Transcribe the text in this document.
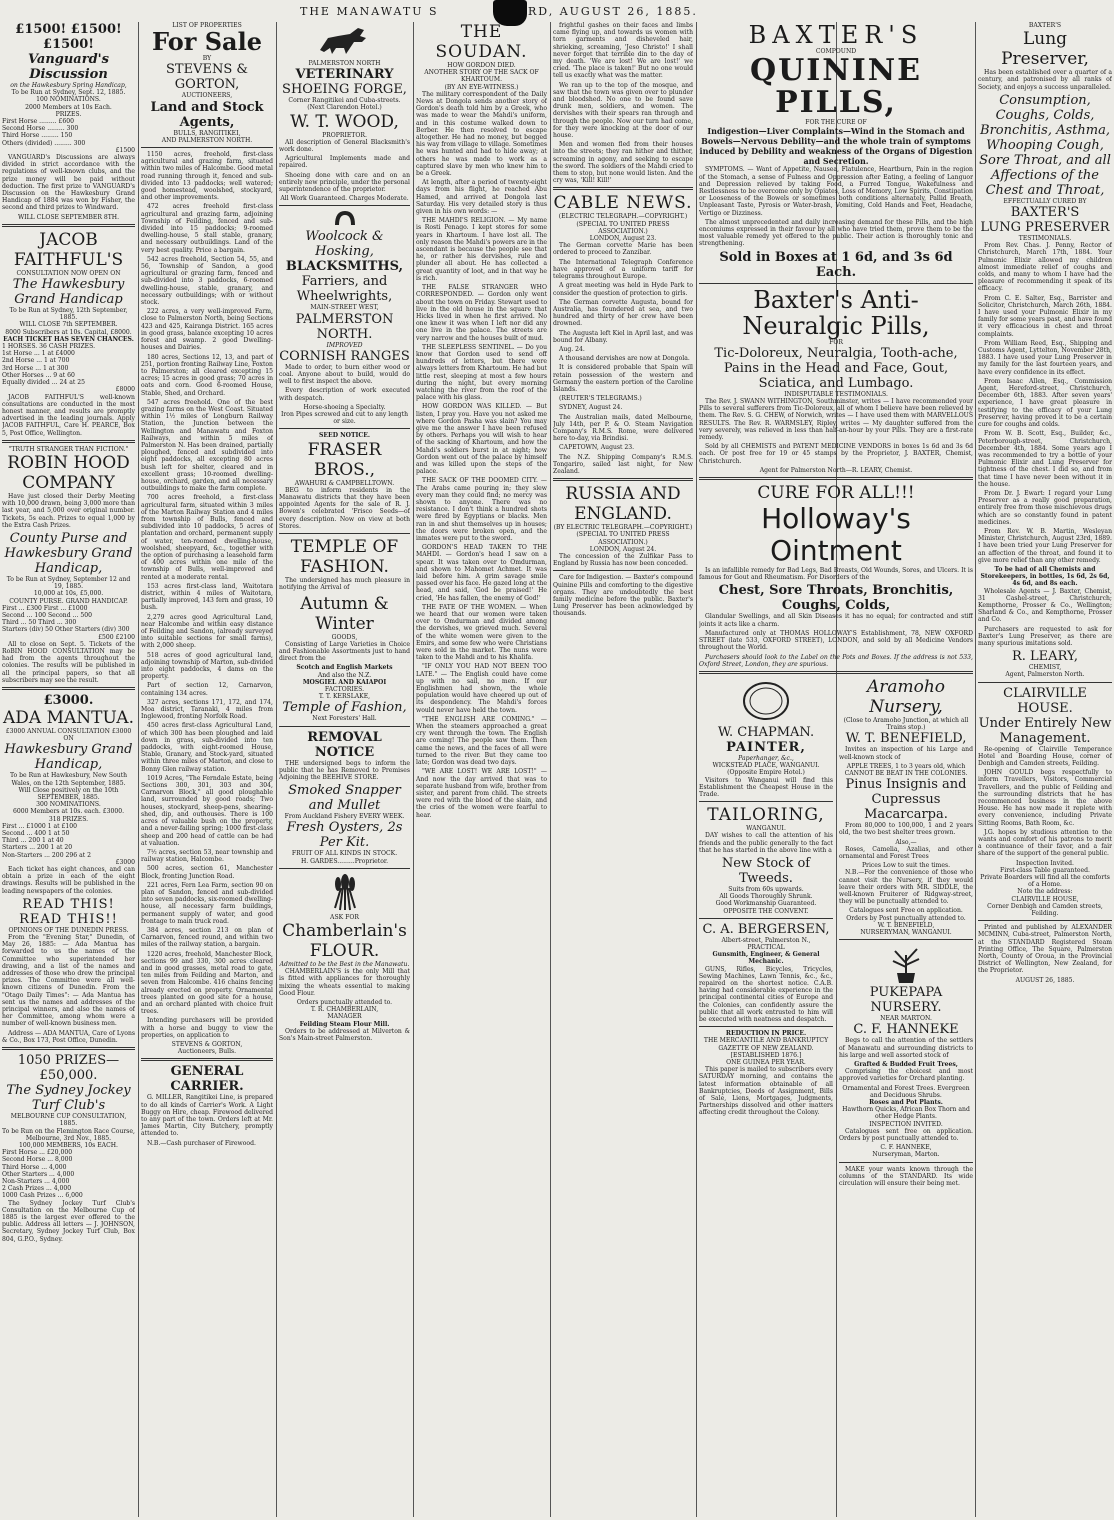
THE MANAWATU S	RD, AUGUST 26, 1885.
£1500! £1500! £1500!
Vanguard's Discussion
on the Hawkesbury Spring Handicap,
To be Run at Sydney, Sept. 12, 1885.
100 NOMINATIONS.
2000 Members at 10s Each.
PRIZES.
First Horse ......... £600
Second Horse ......... 300
Third Horse ......... 150
Others (divided) ......... 300
£1500

VANGUARD's Discussions are always divided in strict accordance with the regulations of well-known clubs, and the prize money will be paid without deduction. The first prize to VANGUARD's Discussion on the Hawkesbury Grand Handicap of 1884 was won by Fisher, the second and third prizes to Windward.

WILL CLOSE SEPTEMBER 8TH.
JACOB FAITHFUL'S
CONSULTATION NOW OPEN ON
The Hawkesbury Grand Handicap
To be Run at Sydney, 12th September, 1885.
WILL CLOSE 7th SEPTEMBER.
8000 Subscribers at 10s. Capital, £8000.
EACH TICKET HAS SEVEN CHANCES.
1 HORSES. 36 CASH PRIZES.
1st Horse ... 1 at £4000
2nd Horse ... 1 at 700
3rd Horse ... 1 at 300
Other Horses ... 9 at 60
Equally divided ... 24 at 25
£8000

JACOB FAITHFUL'S well-known consultations are conducted in the most honest manner, and results are promptly advertised in the leading journals. Apply JACOB FAITHFUL, Care H. PEARCE, Box 5, Post Office, Wellington.

"TRUTH STRANGER THAN FICTION."
ROBIN HOOD COMPANY

Have just closed their Derby Meeting with 10,000 drawn, being 3,000 more than last year, and 5,000 over original number. Tickets, 5s each. Prizes to equal 1,000 by the Extra Cash Prizes.

County Purse and Hawkesbury Grand Handicap,
To be Run at Sydney, September 12 and 19, 1885.
10,000 at 10s, £5,000.
COUNTY PURSE. GRAND HANDICAP.
First ... £300 First ... £1000
Second ... 100 Second ... 500
Third ... 50 Third ... 300
Starters (div) 50 Other Starters (div) 300
£500 £2100

All to close on Sept. 5. Tickets of the RoBIN HOOD CONSULTATION may be had from the agents throughout the colonies. The results will be published in all the principal papers, so that all subscribers may see the result.

£3000.
ADA MANTUA.
£3000 ANNUAL CONSULTATION £3000
ON
Hawkesbury Grand Handicap,
To be Run at Hawkesbury, New South Wales, on the 12th September, 1885.
Will Close positively on the 10th SEPTEMBER, 1885.
300 NOMINATIONS.
6000 Members at 10s. each. £3000.
318 PRIZES.
First ... £1000 1 at £100
Second ... 400 1 at 50
Third ... 200 1 at 40
Starters ... 200 1 at 20
Non-Starters ... 200 296 at 2
£3000

Each ticket has eight chances, and can obtain a prize in each of the eight drawings. Results will be published in the leading newspapers of the colonies.

READ THIS! READ THIS!!
OPINIONS OF THE DUNEDIN PRESS.

From the "Evening Star," Dunedin, of May 26, 1885: — Ada Mantua has forwarded to us the names of the Committee who superintended her drawing, and a list of the names and addresses of those who drew the principal prizes. The Committee were all well-known citizens of Dunedin. From the "Otago Daily Times": — Ada Mantua has sent us the names and addresses of the principal winners, and also the names of her Committee, among whom were a number of well-known business men.

Address — ADA MANTUA, Care of Lyons & Co., Box 173, Post Office, Dunedin.

1050 PRIZES—£50,000.
The Sydney Jockey Turf Club's
MELBOURNE CUP CONSULTATION, 1885.
To be Run on the Flemington Race Course, Melbourne, 3rd Nov., 1885.
100,000 MEMBERS, 10s EACH.
First Horse ... £20,000
Second Horse ... 8,000
Third Horse ... 4,000
Other Starters ... 4,000
Non-Starters ... 4,000
2 Cash Prizes ... 4,000
1000 Cash Prizes ... 6,000

The Sydney Jockey Turf Club's Consultation on the Melbourne Cup of 1885 is the largest ever offered to the public. Address all letters — J. JOHNSON, Secretary, Sydney Jockey Turf Club, Box 804, G.P.O., Sydney.

LIST OF PROPERTIES
For Sale
BY
STEVENS & GORTON,
AUCTIONEERS,
Land and Stock Agents,
BULLS, RANGITIKEI,
AND PALMERSTON NORTH.

1150 acres, freehold, first-class agricultural and grazing farm, situated within two miles of Halcombe. Good metal road running through it, fenced and sub-divided into 13 paddocks; well watered; good homestead, woolshed, stockyard, and other improvements.

472 acres freehold first-class agricultural and grazing farm, adjoining Township of Feilding, fenced and sub-divided into 15 paddocks; 9-roomed dwelling-house, 5 stall stable, granary, and necessary outbuildings. Land of the very best quality. Price a bargain.

542 acres freehold, Section 54, 55, and 56, Township of Sandon, a good agricultural or grazing farm, fenced and sub-divided into 3 paddocks, 6-roomed dwelling-house, stable, granary, and necessary outbuildings; with or without stock.

222 acres, a very well-improved Farm, close to Palmerston North, being Sections 423 and 425, Kairanga District. 165 acres in good grass, balance excepting 10 acres forest and swamp. 2 good Dwelling-houses and Dairies.

180 acres, Sections 12, 13, and part of 251, portion fronting Railway Line, Foxton to Palmerston; all cleared excepting 15 acres; 15 acres in good grass; 70 acres in oats and corn. Good 6-roomed House, Stable, Shed, and Orchard.

547 acres freehold. One of the best grazing farms on the West Coast. Situated within 1½ miles of Longburn Railway Station, the Junction between the Wellington and Manawatu and Foxton Railways, and within 5 miles of Palmerston N. Has been drained, partially ploughed, fenced and subdivided into eight paddocks, all excepting 80 acres bush left for shelter, cleared and in excellent grass; 10-roomed dwelling-house, orchard, garden, and all necessary outbuildings to make the farm complete.

700 acres freehold, a first-class agricultural farm, situated within 3 miles of the Marton Railway Station and 4 miles from township of Bulls, fenced and subdivided into 10 paddocks, 5 acres of plantation and orchard, permanent supply of water, ten-roomed dwelling-house, woolshed, sheepyard, &c., together with the option of purchasing a leasehold farm of 400 acres within one mile of the township of Bulls, well-improved and rented at a moderate rental.

153 acres first-class land, Waitotara district, within 4 miles of Waitotara, partially improved, 143 fern and grass, 10 bush.

2,279 acres good Agricultural Land, near Halcombe and within easy distance of Feilding and Sandon, (already surveyed into suitable sections for small farms), with 2,000 sheep.

518 acres of good agricultural land, adjoining township of Marton, sub-divided into eight paddocks, 4 dams on the property.

Part of section 12, Carnarvon, containing 134 acres.

327 acres, sections 171, 172, and 174, Moa district, Taranaki, 4 miles from Inglewood, fronting Norfolk Road.

450 acres first-class Agricultural Land, of which 300 has been ploughed and laid down in grass, sub-divided into ten paddocks, with eight-roomed House, Stable, Granary, and Stock-yard, situated within three miles of Marton, and close to Bonny Glen railway station.

1019 Acres, "The Ferndale Estate, being Sections 300, 301, 303 and 304, Carnarvon Block," all good ploughable land, surrounded by good roads; Two houses, stockyard, sheep-pens, shearing-shed, dip, and outhouses. There is 100 acres of valuable bush on the property, and a never-failing spring; 1000 first-class sheep and 200 head of cattle can be had at valuation.

7½ acres, section 53, near township and railway station, Halcombe.

500 acres, section 61, Manchester Block, fronting Junction Road.

221 acres, Fern Lea Farm, section 90 on plan of Sandon, fenced and sub-divided into seven paddocks, six-roomed dwelling-house, all necessary farm buildings, permanent supply of water, and good frontage to main truck road.

384 acres, section 213 on plan of Carnarvon, fenced round, and within two miles of the railway station, a bargain.

1220 acres, freehold, Manchester Block, sections 99 and 330, 300 acres cleared and in good grasses, metal road to gate, ten miles from Feilding and Marton, and seven from Halcombe. 416 chains fencing already erected on property. Ornamental trees planted on good site for a house, and an orchard planted with choice fruit trees.

Intending purchasers will be provided with a horse and buggy to view the properties, on application to

STEVENS & GORTON,
Auctioneers, Bulls.
GENERAL CARRIER.

G. MILLER, Rangitikei Line, is prepared to do all kinds of Carrier's Work. A Light Buggy on Hire, cheap. Firewood delivered to any part of the town. Orders left at Mr. James Martin, City Butchery, promptly attended to.

N.B.—Cash purchaser of Firewood.

PALMERSTON NORTH
VETERINARY
SHOEING FORGE,
Corner Rangitikei and Cuba-streets. (Next Clarendon Hotel.)
W. T. WOOD,
PROPRIETOR.

All description of General Blacksmith's work done.

Agricultural Implements made and repaired.

Shoeing done with care and on an entirely new principle, under the personal superintendence of the proprietor.

All Work Guaranteed. Charges Moderate.
Woolcock & Hosking,
BLACKSMITHS,
Farriers, and Wheelwrights,
MAIN-STREET WEST,
PALMERSTON NORTH.
IMPROVED
CORNISH RANGES

Made to order, to burn either wood or coal. Anyone about to build, would do well to first inspect the above.

Every description of work executed with despatch.

Horse-shoeing a Specialty.
Iron Pipes screwed and cut to any length or size.
SEED NOTICE.
FRASER BROS.,
AWAHURI & CAMPBELLTOWN.

BEG to inform residents in the Manawatu districts that they have been appointed Agents for the sale of R. J. Bowen's celebrated 'Frisco Seeds—of every description. Now on view at both Stores.

TEMPLE OF FASHION.

The undersigned has much pleasure in notifying the Arrival of

Autumn & Winter
GOODS,

Consisting of Large Varieties in Choice and Fashionable Assortments just to hand direct from the

Scotch and English Markets
And also the N.Z.
MOSGIEL AND KAIAPOI
FACTORIES.
T. T. KERSLAKE,
Temple of Fashion,
Next Foresters' Hall.
REMOVAL NOTICE

THE undersigned begs to inform the public that he has Removed to Premises Adjoining the BEEHIVE STORE.

Smoked Snapper and Mullet
From Auckland Fishery EVERY WEEK.
Fresh Oysters, 2s Per Kit.
FRUIT OF ALL KINDS IN STOCK.
H. GARDES.........Proprietor.
ASK FOR
Chamberlain's
FLOUR.
Admitted to be the Best in the Manawatu.

CHAMBERLAIN'S is the only Mill that is fitted with appliances for thoroughly mixing the wheats essential to making Good Flour.

Orders punctually attended to.
T. R. CHAMBERLAIN,
MANAGER
Feilding Steam Flour Mill.

Orders to be addressed at Milverton & Son's Main-street Palmerston.

THE SOUDAN.
HOW GORDON DIED.
ANOTHER STORY OF THE SACK OF KHARTOUM.
(BY AN EYE-WITNESS.)

The military correspondent of the Daily News at Dongola sends another story of Gordon's death told him by a Greek, who was made to wear the Mahdi's uniform, and in this costume walked down to Berber. He then resolved to escape altogether. He had no money, but begged his way from village to village. Sometimes he was hunted and had to hide away; at others he was made to work as a captured slave by men who knew him to be a Greek.

At length, after a period of twenty-eight days from his flight, he reached Abu Hamed, and arrived at Dongola last Saturday. His very detailed story is thus given in his own words: —

THE MAHDI'S RELIGION. — My name is Rosti Penago. I kept stores for some years in Khartoum. I have lost all. The only reason the Mahdi's powers are in the ascendant is because the people see that he, or rather his dervishes, rule and plunder all about. He has collected a great quantity of loot, and in that way he is rich.

THE FALSE STRANGER WHO CORRESPONDED. — Gordon only went about the town on Friday. Stewart used to live in the old house in the square that Hicks lived in when he first arrived. No one knew it was when I left nor did any one live in the palace. The streets are very narrow and the houses built of mud.

THE SLEEPLESS SENTINEL. — Do you know that Gordon used to send off hundreds of letters, but there were always letters from Khartoum. He had but little rest, sleeping at most a few hours during the night, but every morning watching the river from the roof of the palace with his glass.

HOW GORDON WAS KILLED. — But listen, I pray you. Have you not asked me where Gordon Pasha was slain? You may give me the answer I have been refused by others. Perhaps you will wish to hear of the sacking of Khartoum, and how the Mahdi's soldiers burst in at night; how Gordon went out of the palace by himself and was killed upon the steps of the palace.

THE SACK OF THE DOOMED CITY. — The Arabs came pouring in; they slew every man they could find; no mercy was shown to anyone. There was no resistance. I don't think a hundred shots were fired by Egyptians or blacks. Men ran in and shut themselves up in houses; the doors were broken open, and the inmates were put to the sword.

GORDON'S HEAD TAKEN TO THE MAHDI. — Gordon's head I saw on a spear. It was taken over to Omdurman, and shown to Mahomet Achmet. It was laid before him. A grim savage smile passed over his face. He gazed long at the head, and said, 'God be praised!' He cried, 'He has fallen, the enemy of God!'

THE FATE OF THE WOMEN. — When we heard that our women were taken over to Omdurman and divided among the dervishes, we grieved much. Several of the white women were given to the Emirs, and some few who were Christians were sold in the market. The nuns were taken to the Mahdi and to his Khalifa.

"IF ONLY YOU HAD NOT BEEN TOO LATE." — The English could have come up with no sail, no men. If our Englishmen had shown, the whole population would have cheered up out of its despondency. The Mahdi's forces would never have held the town.

"THE ENGLISH ARE COMING." — When the steamers approached a great cry went through the town. The English are coming! The people saw them. Then came the news, and the faces of all were turned to the river. But they came too late; Gordon was dead two days.

"WE ARE LOST! WE ARE LOST!" — And now the day arrived that was to separate husband from wife, brother from sister, and parent from child. The streets were red with the blood of the slain, and the cries of the women were fearful to hear.

frightful gashes on their faces and limbs came flying up, and towards us women with torn garments and disheveled hair, shrieking, screaming, 'Jeso Christo!' I shall never forget that terrible din to the day of my death. 'We are lost! We are lost!' we cried. 'The place is taken!' But no one would tell us exactly what was the matter.

We ran up to the top of the mosque, and saw that the town was given over to plunder and bloodshed. No one to be found save drunk men, soldiers, and women. The dervishes with their spears ran through and through the people. Now our turn had come, for they were knocking at the door of our house.

Men and women fled from their houses into the streets; they ran hither and thither, screaming in agony, and seeking to escape the sword. The soldiers of the Mahdi cried to them to stop, but none would listen. And the cry was, 'Kill! Kill!'

CABLE NEWS.
(ELECTRIC TELEGRAPH.—COPYRIGHT.)
(SPECIAL TO UNITED PRESS ASSOCIATION.)
LONDON, August 23.

The German corvette Marie has been ordered to proceed to Zanzibar.

The International Telegraph Conference have approved of a uniform tariff for telegrams throughout Europe.

A great meeting was held in Hyde Park to consider the question of protection to girls.

The German corvette Augusta, bound for Australia, has foundered at sea, and two hundred and thirty of her crew have been drowned.

The Augusta left Kiel in April last, and was bound for Albany.

Aug. 24.

A thousand dervishes are now at Dongola.

It is considered probable that Spain will retain possession of the western and Germany the eastern portion of the Caroline Islands.

(REUTER'S TELEGRAMS.)

SYDNEY, August 24.

The Australian mails, dated Melbourne, July 14th, per P. & O. Steam Navigation Company's R.M.S. Rome, were delivered here to-day, via Brindisi.

CAPETOWN, August 23.

The N.Z. Shipping Company's R.M.S. Tongariro, sailed last night, for New Zealand.

RUSSIA AND ENGLAND.
(BY ELECTRIC TELEGRAPH.—COPYRIGHT.)
(SPECIAL TO UNITED PRESS ASSOCIATION.)
LONDON, August 24.

The concession of the Zulfikar Pass to England by Russia has now been conceded.

Care for Indigestion. — Baxter's compound Quinine Pills and comforting to the digestive organs. They are undoubtedly the best family medicine before the public. Baxter's Lung Preserver has been acknowledged by thousands.

BAXTER'S
COMPOUND
QUININE PILLS,
FOR THE CURE OF
Indigestion—Liver Complaints—Wind in the Stomach and Bowels—Nervous Debility—and the whole train of symptoms induced by Debility and weakness of the Organs of Digestion and Secretion.

SYMPTOMS. — Want of Appetite, Nausea, Flatulence, Heartburn, Pain in the region of the Stomach, a sense of Fulness and Oppression after Eating, a feeling of Languor and Depression relieved by taking Food, a Furred Tongue, Wakefulness and Restlessness to be overcome only by Opiates, Loss of Memory, Low Spirits, Constipation or Looseness of the Bowels or sometimes both conditions alternately, Pallid Breath, Unpleasant Taste, Pyrosis or Water-brash, Vomiting, Cold Hands and Feet, Headache, Vertigo or Dizziness.

The almost unprecedented and daily increasing demand for these Pills, and the high encomiums expressed in their favour by all who have tried them, prove them to be the most valuable remedy yet offered to the public. Their action is thoroughly tonic and strengthening.

Sold in Boxes at 1 6d, and 3s 6d Each.
Baxter's Anti-Neuralgic Pills,
FOR
Tic-Doloreux, Neuralgia, Tooth-ache, Pains in the Head and Face, Gout, Sciatica, and Lumbago.
INDISPUTABLE TESTIMONIALS.

The Rev. J. SWANN WITHINGTON, Southminster, writes — I have recommended your Pills to several sufferers from Tic-Doloreux, all of whom I believe have been relieved by them. The Rev. S. G. CHEW, of Norwich, writes — I have used them with MARVELLOUS RESULTS. The Rev. R. WARMSLEY, Ripley, writes — My daughter suffered from the very severely, was relieved in less than half-an-hour by your Pills. They are a first-rate remedy.

Sold by all CHEMISTS and PATENT MEDICINE VENDORS in boxes 1s 6d and 3s 6d each. Or post free for 19 or 45 stamps by the Proprietor, J. BAXTER, Chemist, Christchurch.

Agent for Palmerston North—R. LEARY, Chemist.
CURE FOR ALL!!!
Holloway's Ointment

Is an infallible remedy for Bad Legs, Bad Breasts, Old Wounds, Sores, and Ulcers. It is famous for Gout and Rheumatism. For Disorders of the

Chest, Sore Throats, Bronchitis, Coughs, Colds,

Glandular Swellings, and all Skin Diseases it has no equal; for contracted and stiff joints it acts like a charm.

Manufactured only at THOMAS HOLLOWAY'S Establishment, 78, NEW OXFORD STREET (late 533, OXFORD STREET), LONDON, and sold by all Medicine Vendors throughout the World.

Purchasers should look to the Label on the Pots and Boxes. If the address is not 533, Oxford Street, London, they are spurious.

W. CHAPMAN.
PAINTER,
Paperhanger, &c.,
WICKSTEAD PLACE, WANGANUI.
(Opposite Empire Hotel.)

Visitors to Wanganui will find this Establishment the Cheapest House in the Trade.

TAILORING,
WANGANUI.

DAY wishes to call the attention of his friends and the public generally to the fact that he has started in the above line with a

New Stock of Tweeds.
Suits from 60s upwards.
All Goods Thoroughly Shrunk.
Good Workmanship Guaranteed.
OPPOSITE THE CONVENT.
C. A. BERGERSEN,
Albert-street, Palmerston N.,
PRACTICAL
Gunsmith, Engineer, & General Mechanic.

GUNS, Rifles, Bicycles, Tricycles, Sewing Machines, Lawn Tennis, &c., &c., repaired on the shortest notice. C.A.B. having had considerable experience in the principal continental cities of Europe and the Colonies, can confidently assure the public that all work entrusted to him will be executed with neatness and despatch.

REDUCTION IN PRICE.
THE MERCANTILE AND BANKRUPTCY GAZETTE OF NEW ZEALAND.
[ESTABLISHED 1876.]
ONE GUINEA PER YEAR.

This paper is mailed to subscribers every SATURDAY morning, and contains the latest information obtainable of all Bankruptcies, Deeds of Assignment, Bills of Sale, Liens, Mortgages, Judgments, Partnerships dissolved and other matters affecting credit throughout the Colony.

Aramoho Nursery,
(Close to Aramoho Junction, at which all Trains stop.)
W. T. BENEFIELD,

Invites an inspection of his Large and well-known stock of

APPLE TREES, 1 to 3 years old, which
CANNOT BE BEAT IN THE COLONIES.
Pinus Insignis and Cupressus Macarcarpa.

From 80,000 to 100,000, 1 and 2 years old, the two best shelter trees grown.

Also,—

Roses, Camelia, Azalias, and other ornamental and Forest Trees

Prices Low to suit the times.

N.B.—For the convenience of those who cannot visit the Nursery, if they would leave their orders with MR. SIDDLE, the well-known Fruiterer of Ridgway-street, they will be punctually attended to.

Catalogues sent Free on application.
Orders by Post punctually attended to.
W. T. BENEFIELD,
NURSERYMAN, WANGANUI.
PUKEPAPA NURSERY.
NEAR MARTON.
C. F. HANNEKE

Begs to call the attention of the settlers of Manawatu and surrounding districts to his large and well assorted stock of

Grafted & Budded Fruit Trees,

Comprising the choicest and most approved varieties for Orchard planting.

Ornamental and Forest Trees. Evergreen and Deciduous Shrubs.
Roses and Pot Plants.
Hawthorn Quicks, African Box Thorn and other Hedge Plants.
INSPECTION INVITED.

Catalogues sent free on application. Orders by post punctually attended to.

C. F. HANNEKE,
Nurseryman, Marton.

MAKE your wants known through the columns of the STANDARD. Its wide circulation will ensure their being met.

BAXTER'S
Lung Preserver,

Has been established over a quarter of a century, and patronised by all ranks of Society, and enjoys a success unparalleled.

Consumption, Coughs, Colds, Bronchitis, Asthma, Whooping Cough, Sore Throat, and all Affections of the Chest and Throat,
EFFECTUALLY CURED BY
BAXTER'S
LUNG PRESERVER
TESTIMONIALS.

From Rev. Chas. J. Penny, Rector of Christchurch, March 17th, 1884. Your Pulmonic Elixir allowed my children almost immediate relief of coughs and colds, and many to whom I have had the pleasure of recommending it speak of its efficacy.

From C. E. Salter, Esq., Barrister and Solicitor, Christchurch, March 26th, 1884. I have used your Pulmonic Elixir in my family for some years past, and have found it very efficacious in chest and throat complaints.

From William Reed, Esq., Shipping and Customs Agent, Lyttelton, November 28th, 1883. I have used your Lung Preserver in my family for the last fourteen years, and have every confidence in its effect.

From Isaac Allen, Esq., Commission Agent, Hereford-street, Christchurch, December 6th, 1883. After seven years' experience, I have great pleasure in testifying to the efficacy of your Lung Preserver, having proved it to be a certain cure for coughs and colds.

From W. B. Scott, Esq., Builder, &c., Peterborough-street, Christchurch, December 4th, 1884. Some years ago I was recommended to try a bottle of your Pulmonic Elixir and Lung Preserver for tightness of the chest. I did so, and from that time I have never been without it in the house.

From Dr. J. Ewart: I regard your Lung Preserver as a really good preparation, entirely free from those mischievous drugs which are so constantly found in patent medicines.

From Rev. W. B. Martin, Wesleyan Minister, Christchurch, August 23rd, 1889. I have been tried your Lung Preserver for an affection of the throat, and found it to give more relief than any other remedy.

To be had of all Chemists and Storekeepers, in bottles, 1s 6d, 2s 6d, 4s 6d, and 8s each.

Wholesale Agents — J. Baxter, Chemist, 31 Cashel-street, Christchurch; Kempthorne, Prosser & Co., Wellington; Sharland & Co., and Kempthorne, Prosser and Co.

Purchasers are requested to ask for Baxter's Lung Preserver, as there are many spurious imitations sold.

R. LEARY,
CHEMIST,
Agent, Palmerston North.
CLAIRVILLE HOUSE.
Under Entirely New Management.

Re-opening of Clairville Temperance Hotel and Boarding House, corner of Denbigh and Camden streets, Feilding.

JOHN GOULD begs respectfully to inform Travellers, Visitors, Commercial Travellers, and the public of Feilding and the surrounding districts that he has recommenced business in the above House. He has now made it replete with every convenience, including Private Sitting Rooms, Bath Room, &c.

J.G. hopes by studious attention to the wants and comfort of his patrons to merit a continuance of their favor, and a fair share of the support of the general public.

Inspection Invited.
First-class Table guaranteed.
Private Boarders will find all the comforts of a Home.
Note the address:
CLAIRVILLE HOUSE,
Corner Denbigh and Camden streets, Feilding.

Printed and published by ALEXANDER MCMINN, Cuba-street, Palmerston North, at the STANDARD Registered Steam Printing Office, The Square, Palmerston North, County of Oroua, in the Provincial District of Wellington, New Zealand, for the Proprietor.

AUGUST 26, 1885.
